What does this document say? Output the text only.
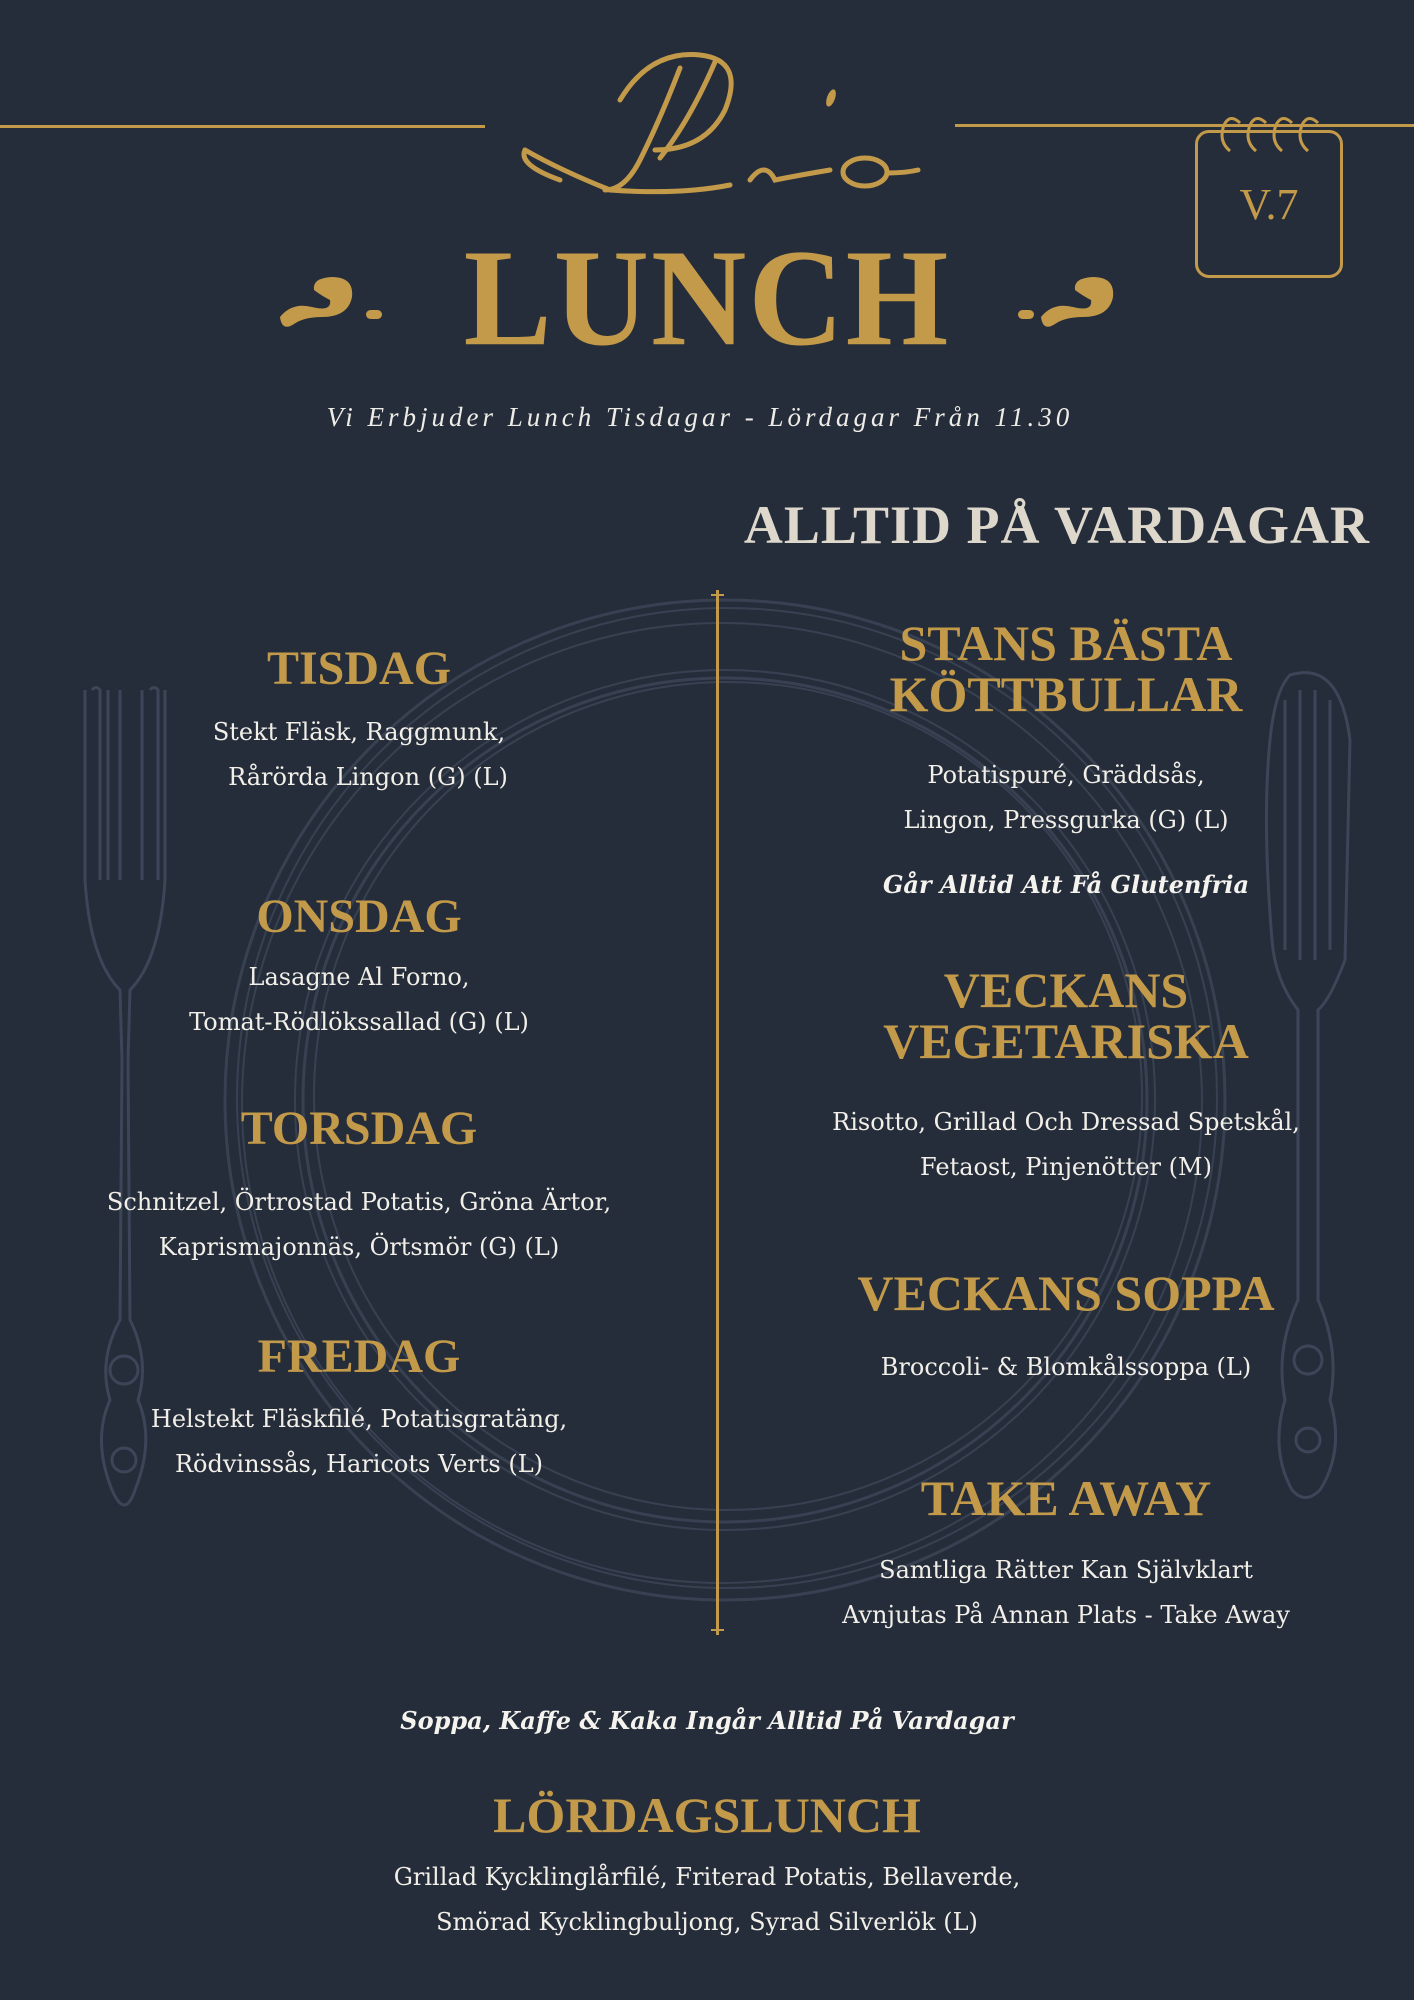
V.7
LUNCH
Vi Erbjuder Lunch Tisdagar - Lördagar Från 11.30
ALLTID PÅ VARDAGAR
TISDAG
Stekt Fläsk, Raggmunk,
Rårörda Lingon (G) (L)
ONSDAG
Lasagne Al Forno,
Tomat-Rödlökssallad (G) (L)
TORSDAG
Schnitzel, Örtrostad Potatis, Gröna Ärtor,
Kaprismajonnäs, Örtsmör (G) (L)
FREDAG
Helstekt Fläskfilé, Potatisgratäng,
Rödvinssås, Haricots Verts (L)
STANS BÄSTA
KÖTTBULLAR
Potatispuré, Gräddsås,
Lingon, Pressgurka (G) (L)
Går Alltid Att Få Glutenfria
VECKANS
VEGETARISKA
Risotto, Grillad Och Dressad Spetskål,
Fetaost, Pinjenötter (M)
VECKANS SOPPA
Broccoli- & Blomkålssoppa (L)
TAKE AWAY
Samtliga Rätter Kan Självklart
Avnjutas På Annan Plats - Take Away
Soppa, Kaffe & Kaka Ingår Alltid På Vardagar
LÖRDAGSLUNCH
Grillad Kycklinglårfilé, Friterad Potatis, Bellaverde,
Smörad Kycklingbuljong, Syrad Silverlök (L)
